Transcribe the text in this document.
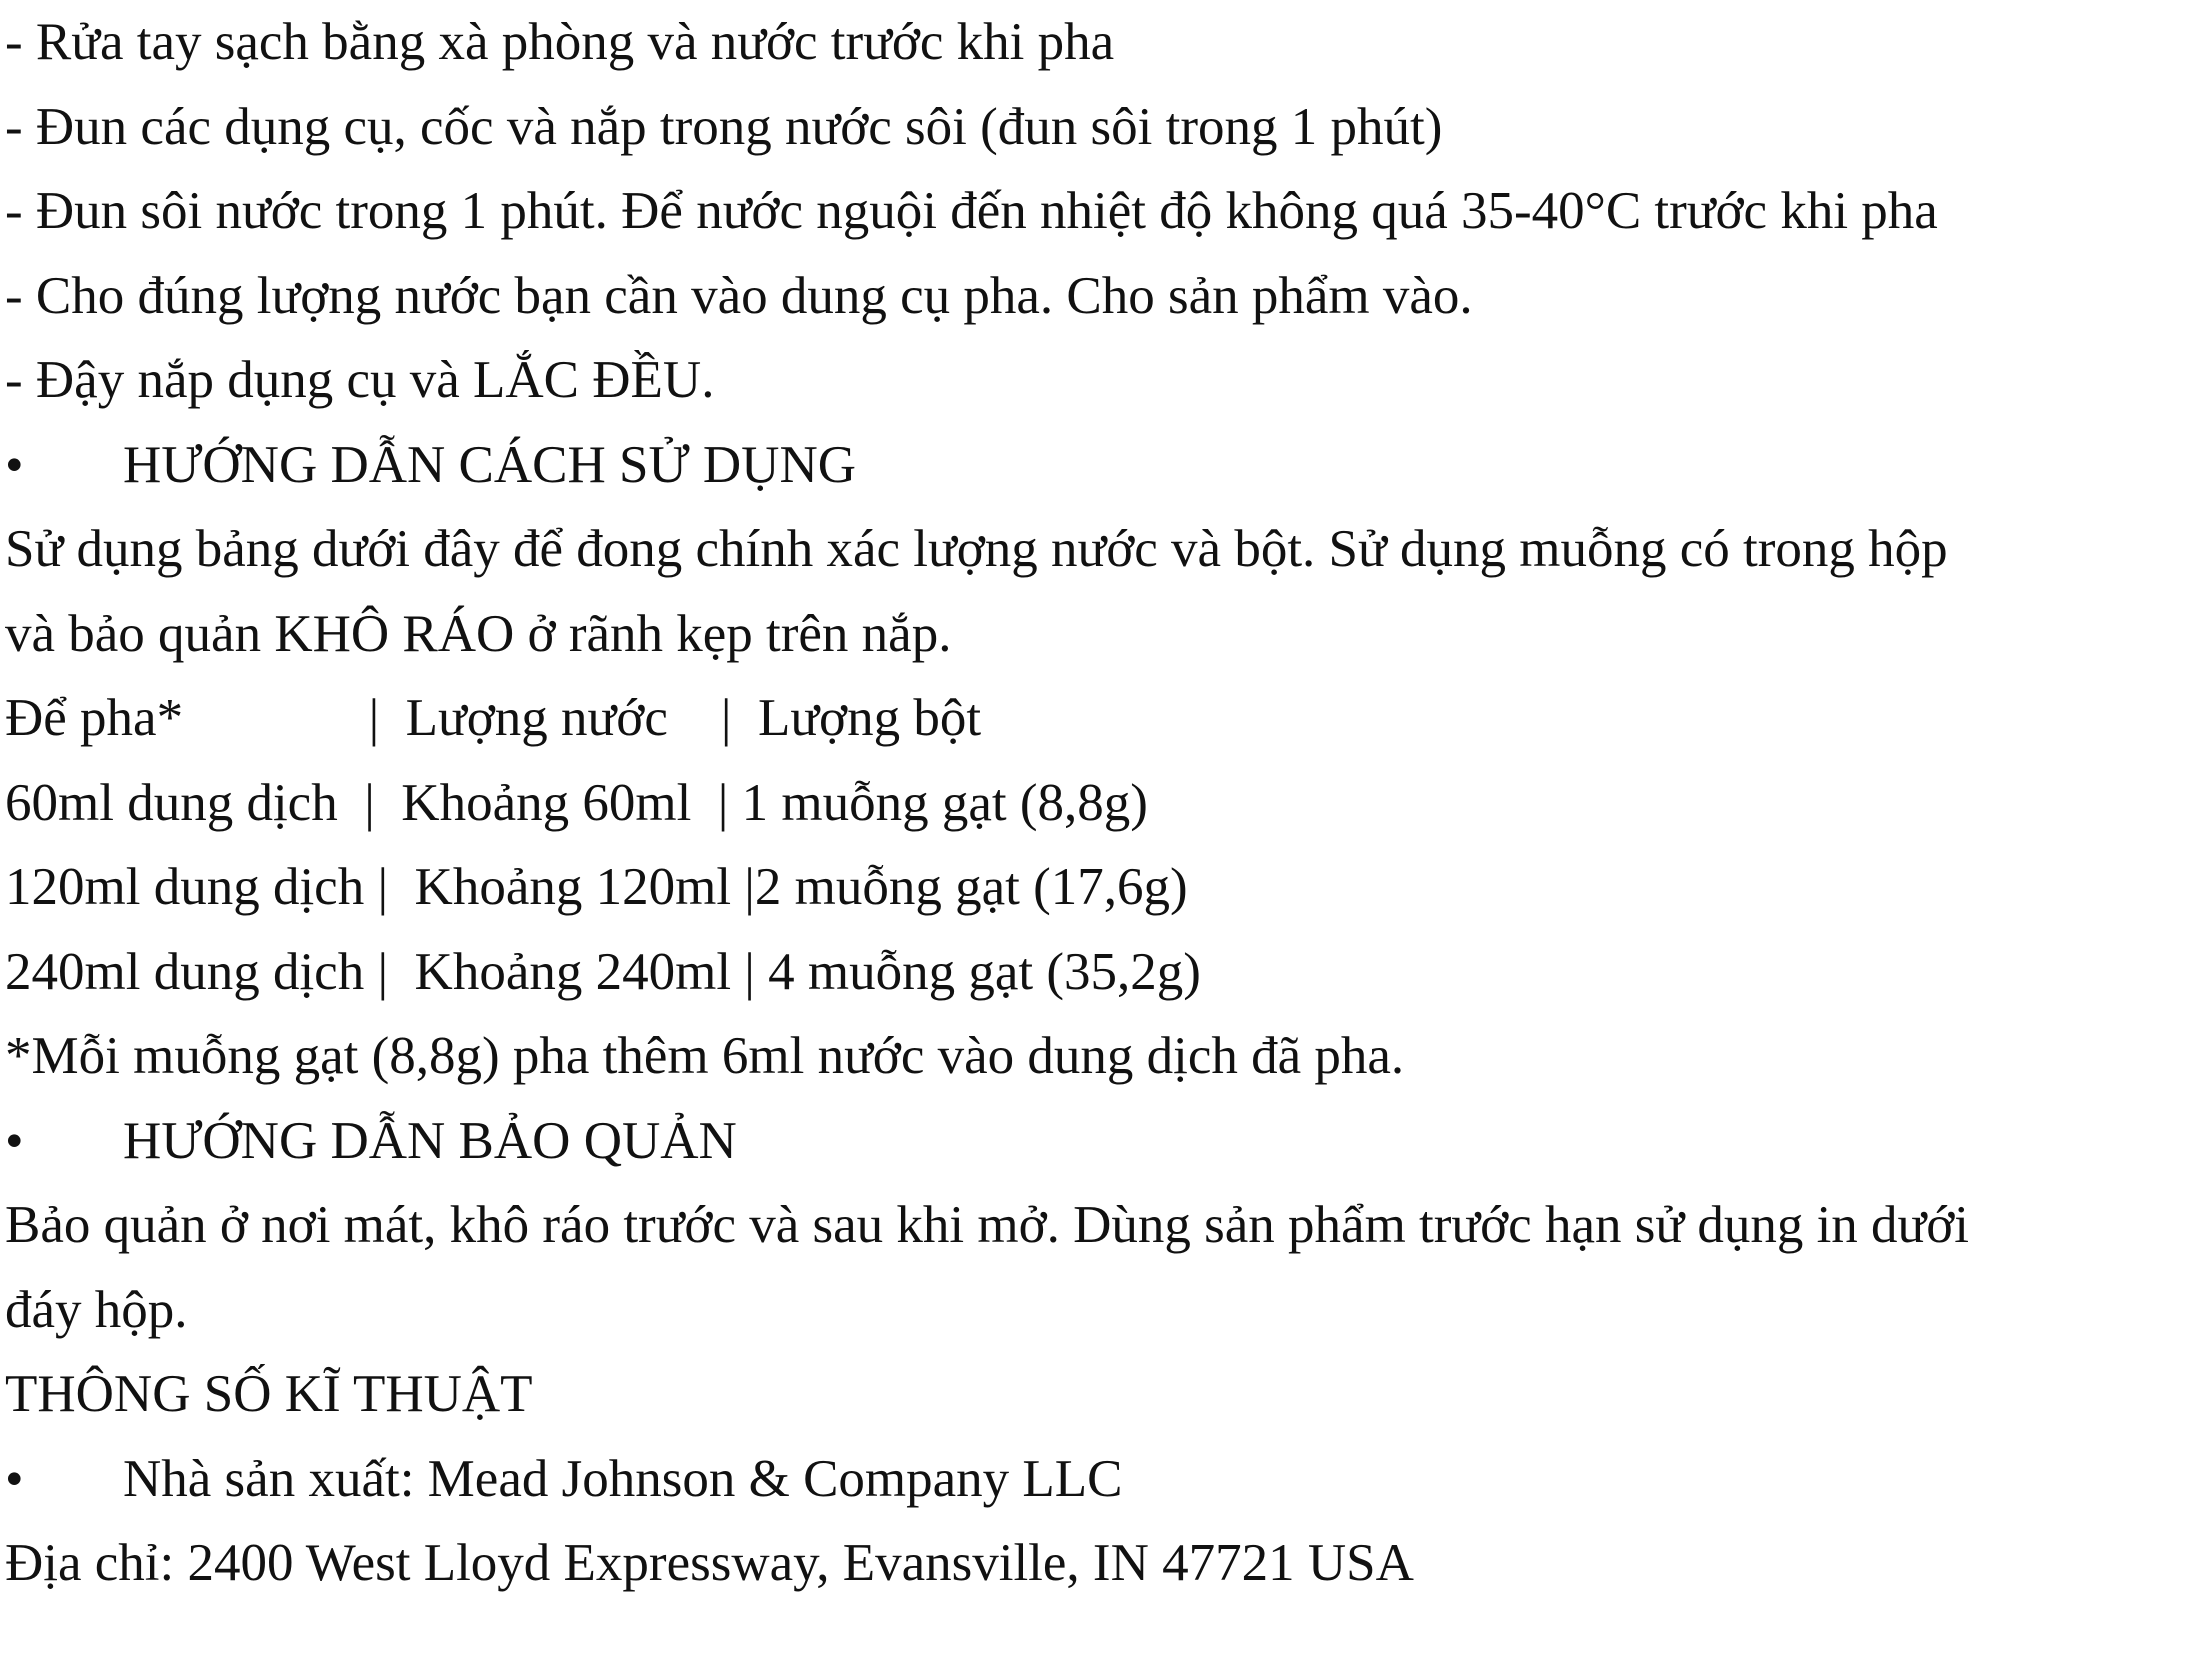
- Rửa tay sạch bằng xà phòng và nước trước khi pha
- Đun các dụng cụ, cốc và nắp trong nước sôi (đun sôi trong 1 phút)
- Đun sôi nước trong 1 phút. Để nước nguội đến nhiệt độ không quá 35-40°C trước khi pha
- Cho đúng lượng nước bạn cần vào dung cụ pha. Cho sản phẩm vào.
- Đậy nắp dụng cụ và LẮC ĐỀU.
• HƯỚNG DẪN CÁCH SỬ DỤNG
Sử dụng bảng dưới đây để đong chính xác lượng nước và bột. Sử dụng muỗng có trong hộp
và bảo quản KHÔ RÁO ở rãnh kẹp trên nắp.
Để pha*              |  Lượng nước    |  Lượng bột
60ml dung dịch  |  Khoảng 60ml  | 1 muỗng gạt (8,8g)
120ml dung dịch |  Khoảng 120ml |2 muỗng gạt (17,6g)
240ml dung dịch |  Khoảng 240ml | 4 muỗng gạt (35,2g)
*Mỗi muỗng gạt (8,8g) pha thêm 6ml nước vào dung dịch đã pha.
• HƯỚNG DẪN BẢO QUẢN
Bảo quản ở nơi mát, khô ráo trước và sau khi mở. Dùng sản phẩm trước hạn sử dụng in dưới
đáy hộp.
THÔNG SỐ KĨ THUẬT
• Nhà sản xuất: Mead Johnson & Company LLC
Địa chỉ: 2400 West Lloyd Expressway, Evansville, IN 47721 USA
